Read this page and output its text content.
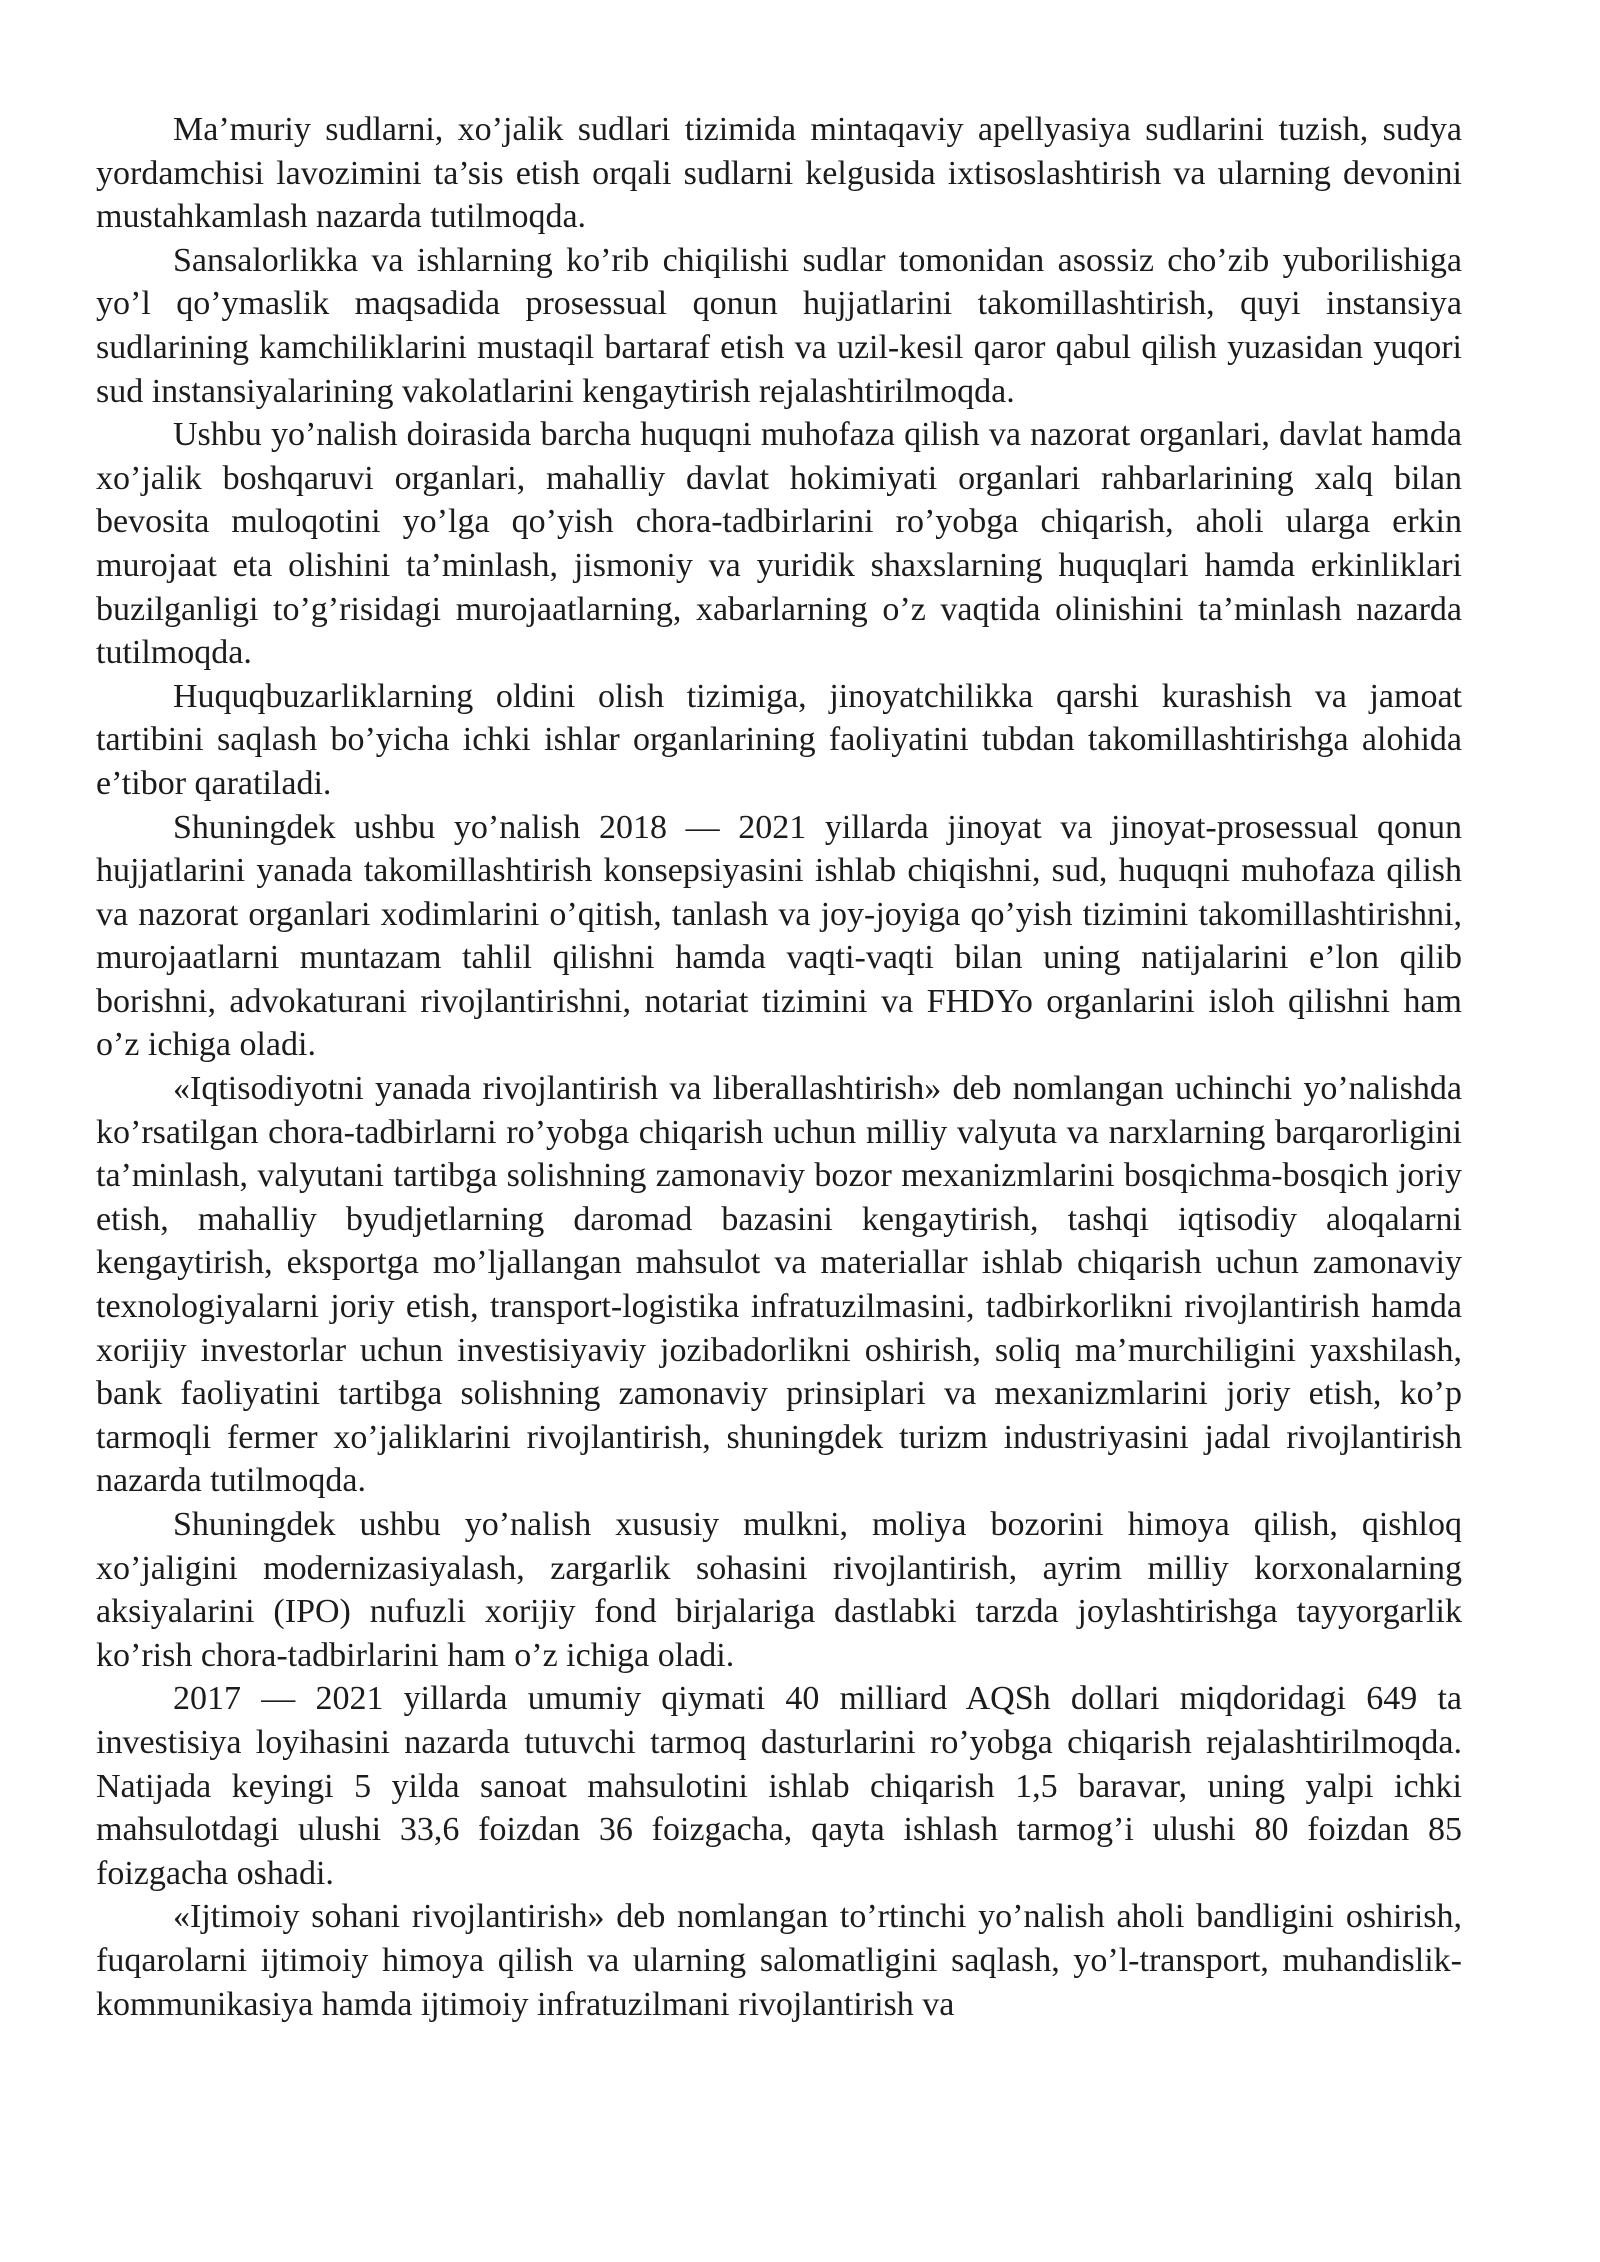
Ma’muriy sudlarni, xo’jalik sudlari tizimida mintaqaviy apellyasiya sudlarini tuzish, sudya yordamchisi lavozimini ta’sis etish orqali sudlarni kelgusida ixtisoslashtirish va ularning devonini mustahkamlash nazarda tutilmoqda.

Sansalorlikka va ishlarning ko’rib chiqilishi sudlar tomonidan asossiz cho’zib yuborilishiga yo’l qo’ymaslik maqsadida prosessual qonun hujjatlarini takomillashtirish, quyi instansiya sudlarining kamchiliklarini mustaqil bartaraf etish va uzil-kesil qaror qabul qilish yuzasidan yuqori sud instansiyalarining vakolatlarini kengaytirish rejalashtirilmoqda.

Ushbu yo’nalish doirasida barcha huquqni muhofaza qilish va nazorat organlari, davlat hamda xo’jalik boshqaruvi organlari, mahalliy davlat hokimiyati organlari rahbarlarining xalq bilan bevosita muloqotini yo’lga qo’yish chora-tadbirlarini ro’yobga chiqarish, aholi ularga erkin murojaat eta olishini ta’minlash, jismoniy va yuridik shaxslarning huquqlari hamda erkinliklari buzilganligi to’g’risidagi murojaatlarning, xabarlarning o’z vaqtida olinishini ta’minlash nazarda tutilmoqda.

Huquqbuzarliklarning oldini olish tizimiga, jinoyatchilikka qarshi kurashish va jamoat tartibini saqlash bo’yicha ichki ishlar organlarining faoliyatini tubdan takomillashtirishga alohida e’tibor qaratiladi.

Shuningdek ushbu yo’nalish 2018 — 2021 yillarda jinoyat va jinoyat-prosessual qonun hujjatlarini yanada takomillashtirish konsepsiyasini ishlab chiqishni, sud, huquqni muhofaza qilish va nazorat organlari xodimlarini o’qitish, tanlash va joy-joyiga qo’yish tizimini takomillashtirishni, murojaatlarni muntazam tahlil qilishni hamda vaqti-vaqti bilan uning natijalarini e’lon qilib borishni, advokaturani rivojlantirishni, notariat tizimini va FHDYo organlarini isloh qilishni ham o’z ichiga oladi.

«Iqtisodiyotni yanada rivojlantirish va liberallashtirish» deb nomlangan uchinchi yo’nalishda ko’rsatilgan chora-tadbirlarni ro’yobga chiqarish uchun milliy valyuta va narxlarning barqarorligini ta’minlash, valyutani tartibga solishning zamonaviy bozor mexanizmlarini bosqichma-bosqich joriy etish, mahalliy byudjetlarning daromad bazasini kengaytirish, tashqi iqtisodiy aloqalarni kengaytirish, eksportga mo’ljallangan mahsulot va materiallar ishlab chiqarish uchun zamonaviy texnologiyalarni joriy etish, transport-logistika infratuzilmasini, tadbirkorlikni rivojlantirish hamda xorijiy investorlar uchun investisiyaviy jozibadorlikni oshirish, soliq ma’murchiligini yaxshilash, bank faoliyatini tartibga solishning zamonaviy prinsiplari va mexanizmlarini joriy etish, ko’p tarmoqli fermer xo’jaliklarini rivojlantirish, shuningdek turizm industriyasini jadal rivojlantirish nazarda tutilmoqda.

Shuningdek ushbu yo’nalish xususiy mulkni, moliya bozorini himoya qilish, qishloq xo’jaligini modernizasiyalash, zargarlik sohasini rivojlantirish, ayrim milliy korxonalarning aksiyalarini (IPO) nufuzli xorijiy fond birjalariga dastlabki tarzda joylashtirishga tayyorgarlik ko’rish chora-tadbirlarini ham o’z ichiga oladi.

2017 — 2021 yillarda umumiy qiymati 40 milliard AQSh dollari miqdoridagi 649 ta investisiya loyihasini nazarda tutuvchi tarmoq dasturlarini ro’yobga chiqarish rejalashtirilmoqda. Natijada keyingi 5 yilda sanoat mahsulotini ishlab chiqarish 1,5 baravar, uning yalpi ichki mahsulotdagi ulushi 33,6 foizdan 36 foizgacha, qayta ishlash tarmog’i ulushi 80 foizdan 85 foizgacha oshadi.

«Ijtimoiy sohani rivojlantirish» deb nomlangan to’rtinchi yo’nalish aholi bandligini oshirish, fuqarolarni ijtimoiy himoya qilish va ularning salomatligini saqlash, yo’l-transport, muhandislik-kommunikasiya hamda ijtimoiy infratuzilmani rivojlantirish va
